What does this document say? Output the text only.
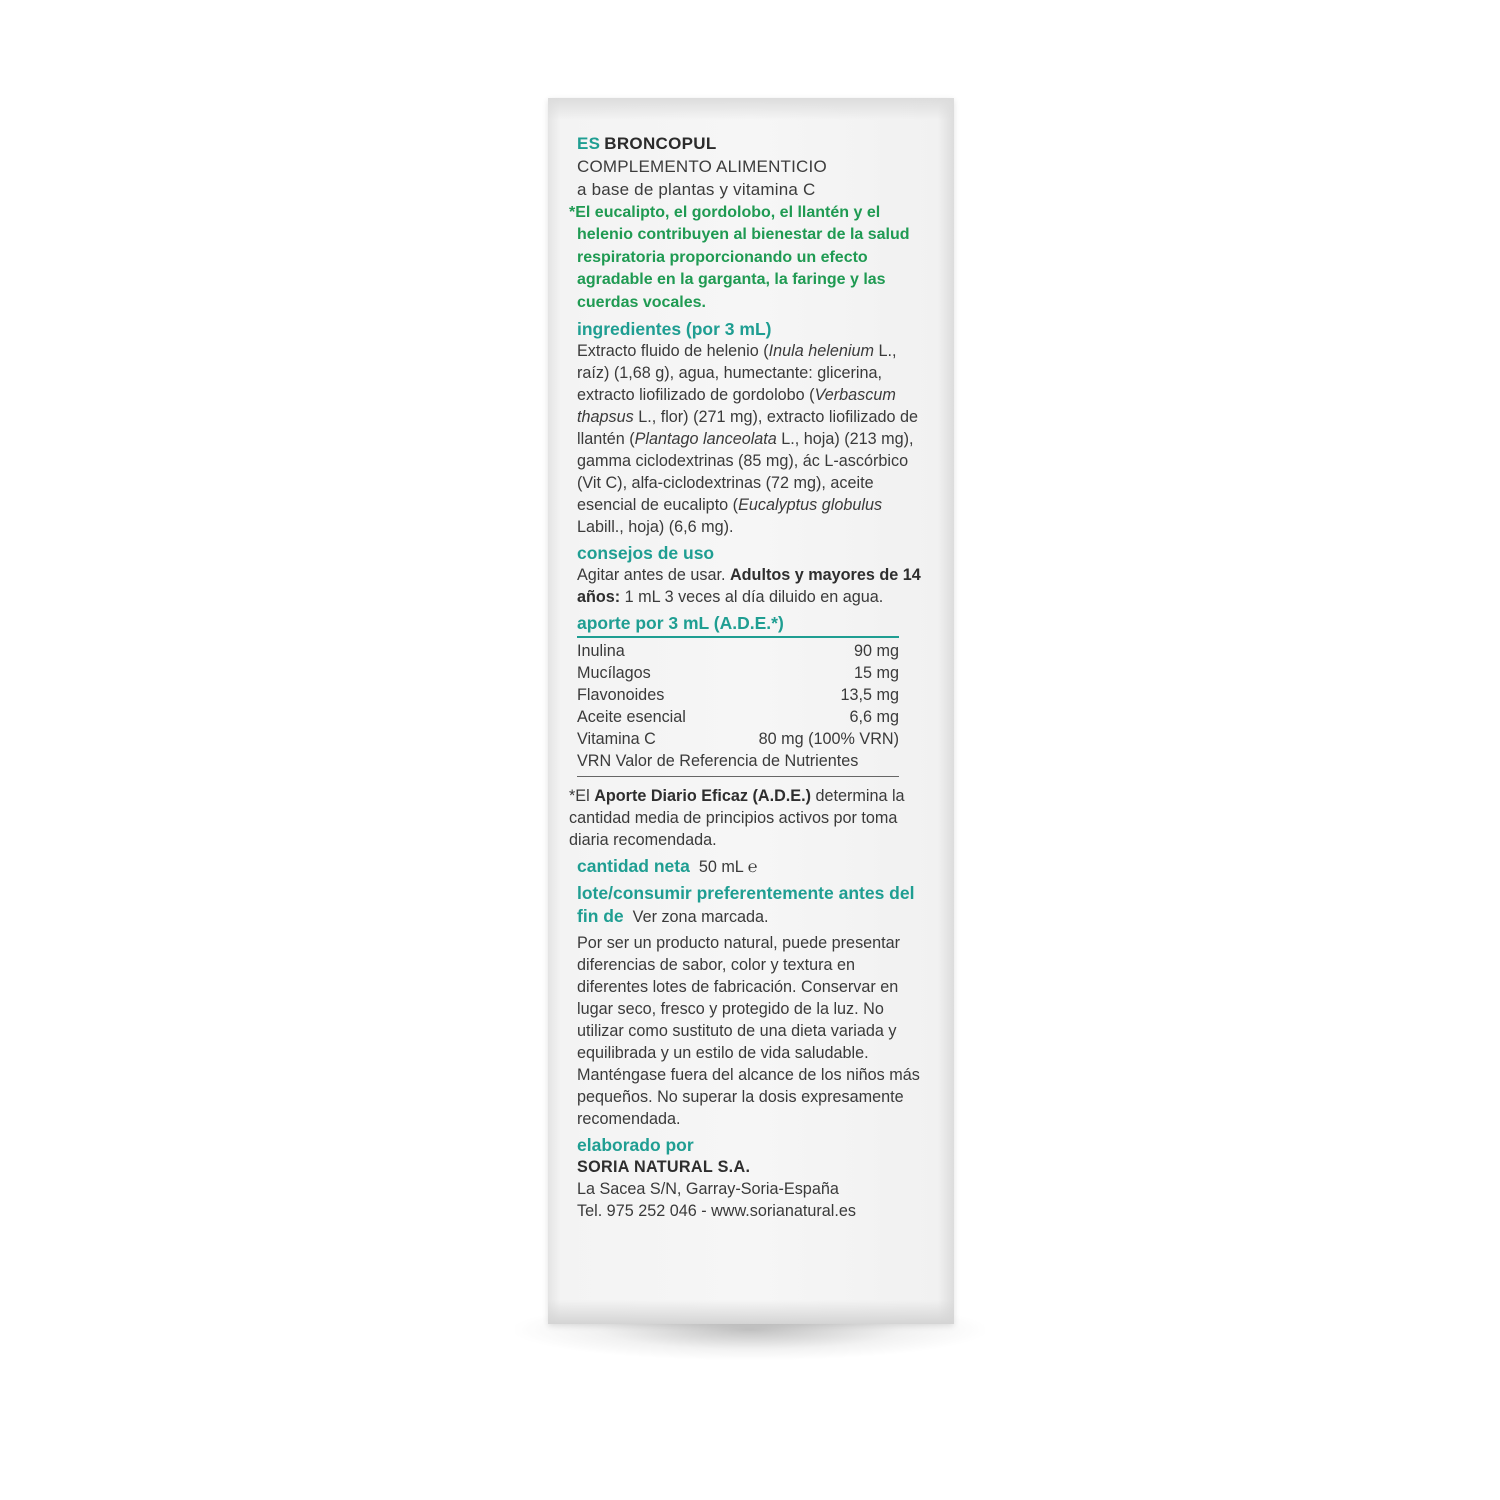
ES BRONCOPUL
COMPLEMENTO ALIMENTICIO
a base de plantas y vitamina C
*El eucalipto, el gordolobo, el llantén y el helenio contribuyen al bienestar de la salud respiratoria proporcionando un efecto agradable en la garganta, la faringe y las cuerdas vocales.
ingredientes (por 3 mL)

Extracto fluido de helenio (Inula helenium L., raíz) (1,68 g), agua, humectante: glicerina, extracto liofilizado de gordolobo (Verbascum thapsus L., flor) (271 mg), extracto liofilizado de llantén (Plantago lanceolata L., hoja) (213 mg), gamma ciclodextrinas (85 mg), ác L-ascórbico (Vit C), alfa-ciclodextrinas (72 mg), aceite esencial de eucalipto (Eucalyptus globulus Labill., hoja) (6,6 mg).

consejos de uso

Agitar antes de usar. Adultos y mayores de 14 años: 1 mL 3 veces al día diluido en agua.

aporte por 3 mL (A.D.E.*)
Inulina	90 mg
Mucílagos	15 mg
Flavonoides	13,5 mg
Aceite esencial	6,6 mg
Vitamina C	80 mg (100% VRN)
VRN Valor de Referencia de Nutrientes

*El Aporte Diario Eficaz (A.D.E.) determina la cantidad media de principios activos por toma diaria recomendada.

cantidad neta 50 mL ℮
lote/consumir preferentemente antes del fin de Ver zona marcada.

Por ser un producto natural, puede presentar diferencias de sabor, color y textura en diferentes lotes de fabricación. Conservar en lugar seco, fresco y protegido de la luz. No utilizar como sustituto de una dieta variada y equilibrada y un estilo de vida saludable. Manténgase fuera del alcance de los niños más pequeños. No superar la dosis expresamente recomendada.

elaborado por
SORIA NATURAL S.A.
La Sacea S/N, Garray-Soria-España
Tel. 975 252 046 - www.sorianatural.es
